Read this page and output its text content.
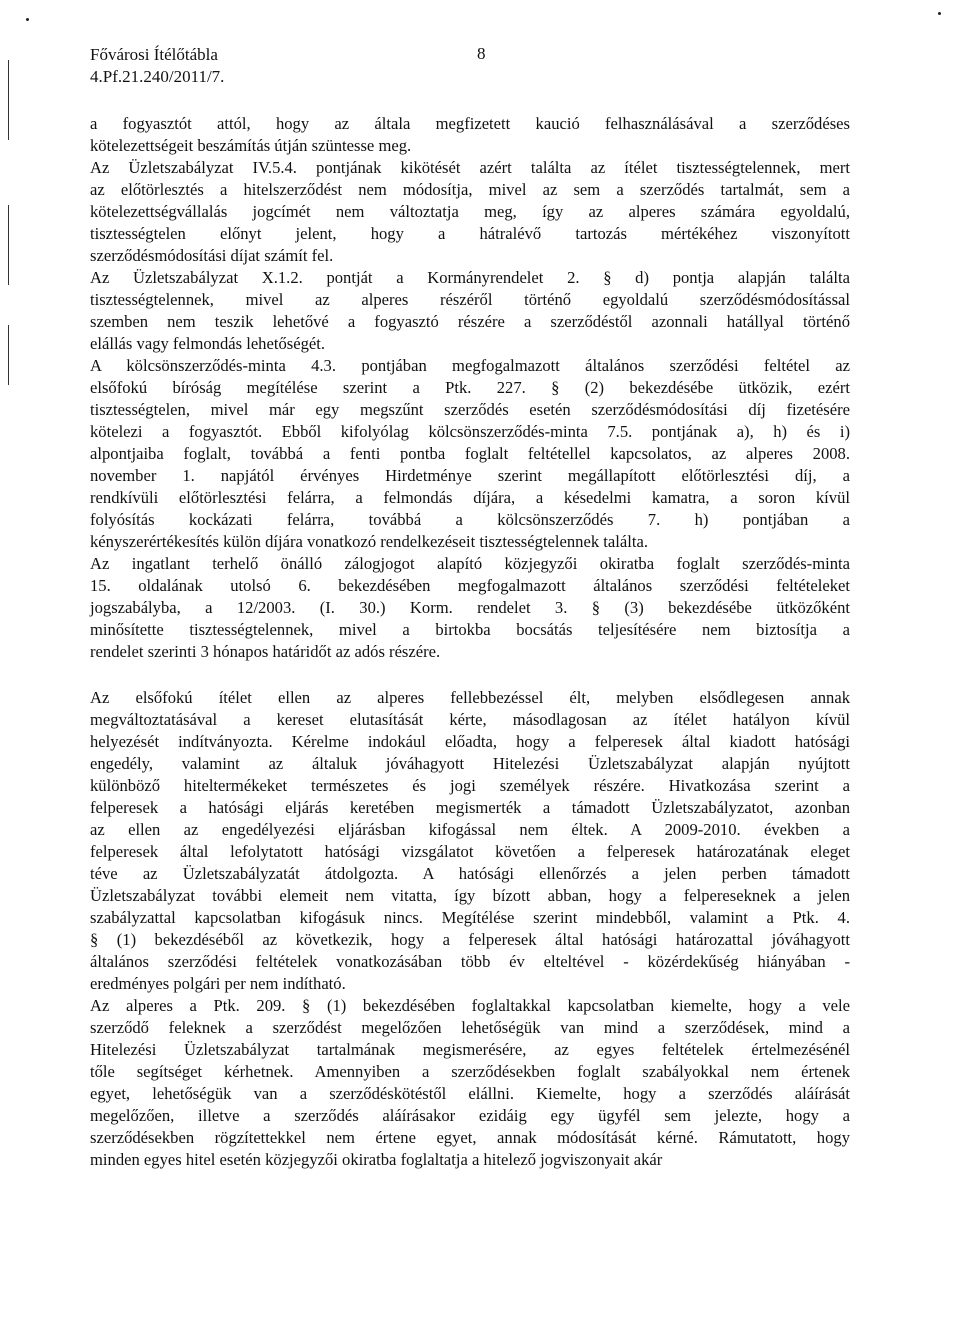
Fővárosi Ítélőtábla
4.Pf.21.240/2011/7.
8

a fogyasztót attól, hogy az általa megfizetett kaució felhasználásával a szerződéses
kötelezettségeit beszámítás útján szüntesse meg.

Az Üzletszabályzat IV.5.4. pontjának kikötését azért találta az ítélet tisztességtelennek, mert
az előtörlesztés a hitelszerződést nem módosítja, mivel az sem a szerződés tartalmát, sem a
kötelezettségvállalás jogcímét nem változtatja meg, így az alperes számára egyoldalú,
tisztességtelen előnyt jelent, hogy a hátralévő tartozás mértékéhez viszonyított
szerződésmódosítási díjat számít fel.

Az Üzletszabályzat X.1.2. pontját a Kormányrendelet 2. § d) pontja alapján találta
tisztességtelennek, mivel az alperes részéről történő egyoldalú szerződésmódosítással
szemben nem teszik lehetővé a fogyasztó részére a szerződéstől azonnali hatállyal történő
elállás vagy felmondás lehetőségét.

A kölcsönszerződés-minta 4.3. pontjában megfogalmazott általános szerződési feltétel az
elsőfokú bíróság megítélése szerint a Ptk. 227. § (2) bekezdésébe ütközik, ezért
tisztességtelen, mivel már egy megszűnt szerződés esetén szerződésmódosítási díj fizetésére
kötelezi a fogyasztót. Ebből kifolyólag kölcsönszerződés-minta 7.5. pontjának a), h) és i)
alpontjaiba foglalt, továbbá a fenti pontba foglalt feltétellel kapcsolatos, az alperes 2008.
november 1. napjától érvényes Hirdetménye szerint megállapított előtörlesztési díj, a
rendkívüli előtörlesztési felárra, a felmondás díjára, a késedelmi kamatra, a soron kívül
folyósítás kockázati felárra, továbbá a kölcsönszerződés 7. h) pontjában a
kényszerértékesítés külön díjára vonatkozó rendelkezéseit tisztességtelennek találta.

Az ingatlant terhelő önálló zálogjogot alapító közjegyzői okiratba foglalt szerződés-minta
15. oldalának utolsó 6. bekezdésében megfogalmazott általános szerződési feltételeket
jogszabályba, a 12/2003. (I. 30.) Korm. rendelet 3. § (3) bekezdésébe ütközőként
minősítette tisztességtelennek, mivel a birtokba bocsátás teljesítésére nem biztosítja a
rendelet szerinti 3 hónapos határidőt az adós részére.

Az elsőfokú ítélet ellen az alperes fellebbezéssel élt, melyben elsődlegesen annak
megváltoztatásával a kereset elutasítását kérte, másodlagosan az ítélet hatályon kívül
helyezését indítványozta. Kérelme indokául előadta, hogy a felperesek által kiadott hatósági
engedély, valamint az általuk jóváhagyott Hitelezési Üzletszabályzat alapján nyújtott
különböző hiteltermékeket természetes és jogi személyek részére. Hivatkozása szerint a
felperesek a hatósági eljárás keretében megismerték a támadott Üzletszabályzatot, azonban
az ellen az engedélyezési eljárásban kifogással nem éltek. A 2009-2010. években a
felperesek által lefolytatott hatósági vizsgálatot követően a felperesek határozatának eleget
téve az Üzletszabályzatát átdolgozta. A hatósági ellenőrzés a jelen perben támadott
Üzletszabályzat további elemeit nem vitatta, így bízott abban, hogy a felpereseknek a jelen
szabályzattal kapcsolatban kifogásuk nincs. Megítélése szerint mindebből, valamint a Ptk. 4.
§ (1) bekezdéséből az következik, hogy a felperesek által hatósági határozattal jóváhagyott
általános szerződési feltételek vonatkozásában több év elteltével - közérdekűség hiányában -
eredményes polgári per nem indítható.

Az alperes a Ptk. 209. § (1) bekezdésében foglaltakkal kapcsolatban kiemelte, hogy a vele
szerződő feleknek a szerződést megelőzően lehetőségük van mind a szerződések, mind a
Hitelezési Üzletszabályzat tartalmának megismerésére, az egyes feltételek értelmezésénél
tőle segítséget kérhetnek. Amennyiben a szerződésekben foglalt szabályokkal nem értenek
egyet, lehetőségük van a szerződéskötéstől elállni. Kiemelte, hogy a szerződés aláírását
megelőzően, illetve a szerződés aláírásakor ezidáig egy ügyfél sem jelezte, hogy a
szerződésekben rögzítettekkel nem értene egyet, annak módosítását kérné. Rámutatott, hogy
minden egyes hitel esetén közjegyzői okiratba foglaltatja a hitelező jogviszonyait akár
